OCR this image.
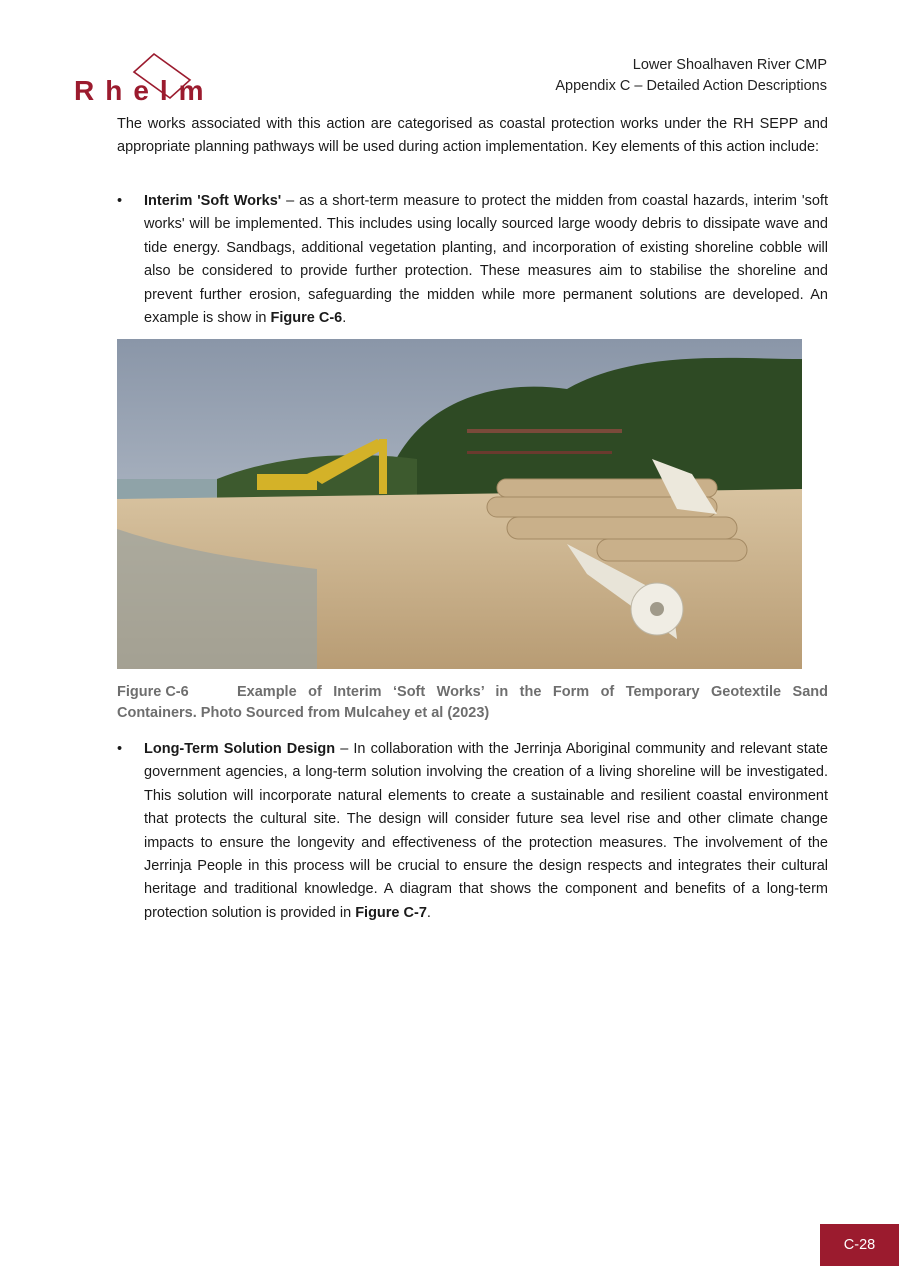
Rhelm
Lower Shoalhaven River CMP
Appendix C – Detailed Action Descriptions
The works associated with this action are categorised as coastal protection works under the RH SEPP and appropriate planning pathways will be used during action implementation. Key elements of this action include:
•	Interim 'Soft Works' – as a short-term measure to protect the midden from coastal hazards, interim 'soft works' will be implemented. This includes using locally sourced large woody debris to dissipate wave and tide energy. Sandbags, additional vegetation planting, and incorporation of existing shoreline cobble will also be considered to provide further protection. These measures aim to stabilise the shoreline and prevent further erosion, safeguarding the midden while more permanent solutions are developed. An example is show in Figure C-6.
Figure C-6	Example of Interim ‘Soft Works’ in the Form of Temporary Geotextile Sand Containers. Photo Sourced from Mulcahey et al (2023)
•	Long-Term Solution Design – In collaboration with the Jerrinja Aboriginal community and relevant state government agencies, a long-term solution involving the creation of a living shoreline will be investigated. This solution will incorporate natural elements to create a sustainable and resilient coastal environment that protects the cultural site. The design will consider future sea level rise and other climate change impacts to ensure the longevity and effectiveness of the protection measures. The involvement of the Jerrinja People in this process will be crucial to ensure the design respects and integrates their cultural heritage and traditional knowledge. A diagram that shows the component and benefits of a long-term protection solution is provided in Figure C-7.
C-28
